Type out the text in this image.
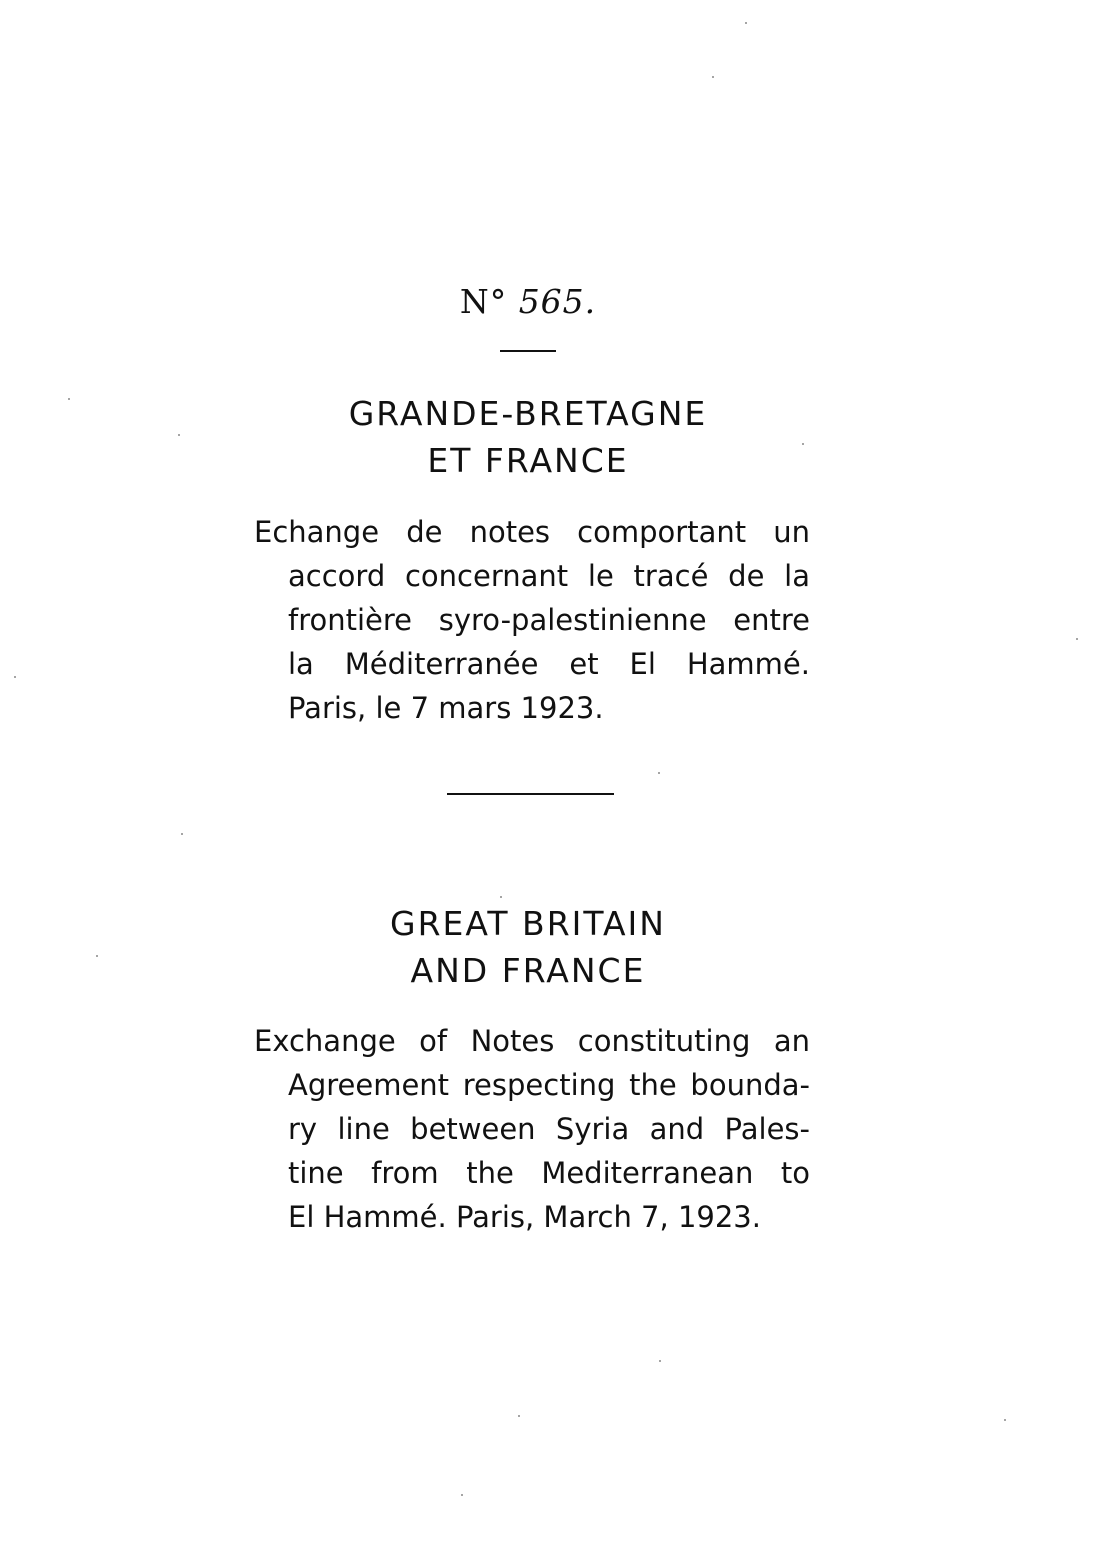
N° 565.
GRANDE-BRETAGNE
ET FRANCE
Echange de notes comportant un
accord concernant le tracé de la
frontière syro-palestinienne entre
la Méditerranée et El Hammé.
Paris, le 7 mars 1923.
GREAT BRITAIN
AND FRANCE
Exchange of Notes constituting an
Agreement respecting the bounda-
ry line between Syria and Pales-
tine from the Mediterranean to
El Hammé. Paris, March 7, 1923.
